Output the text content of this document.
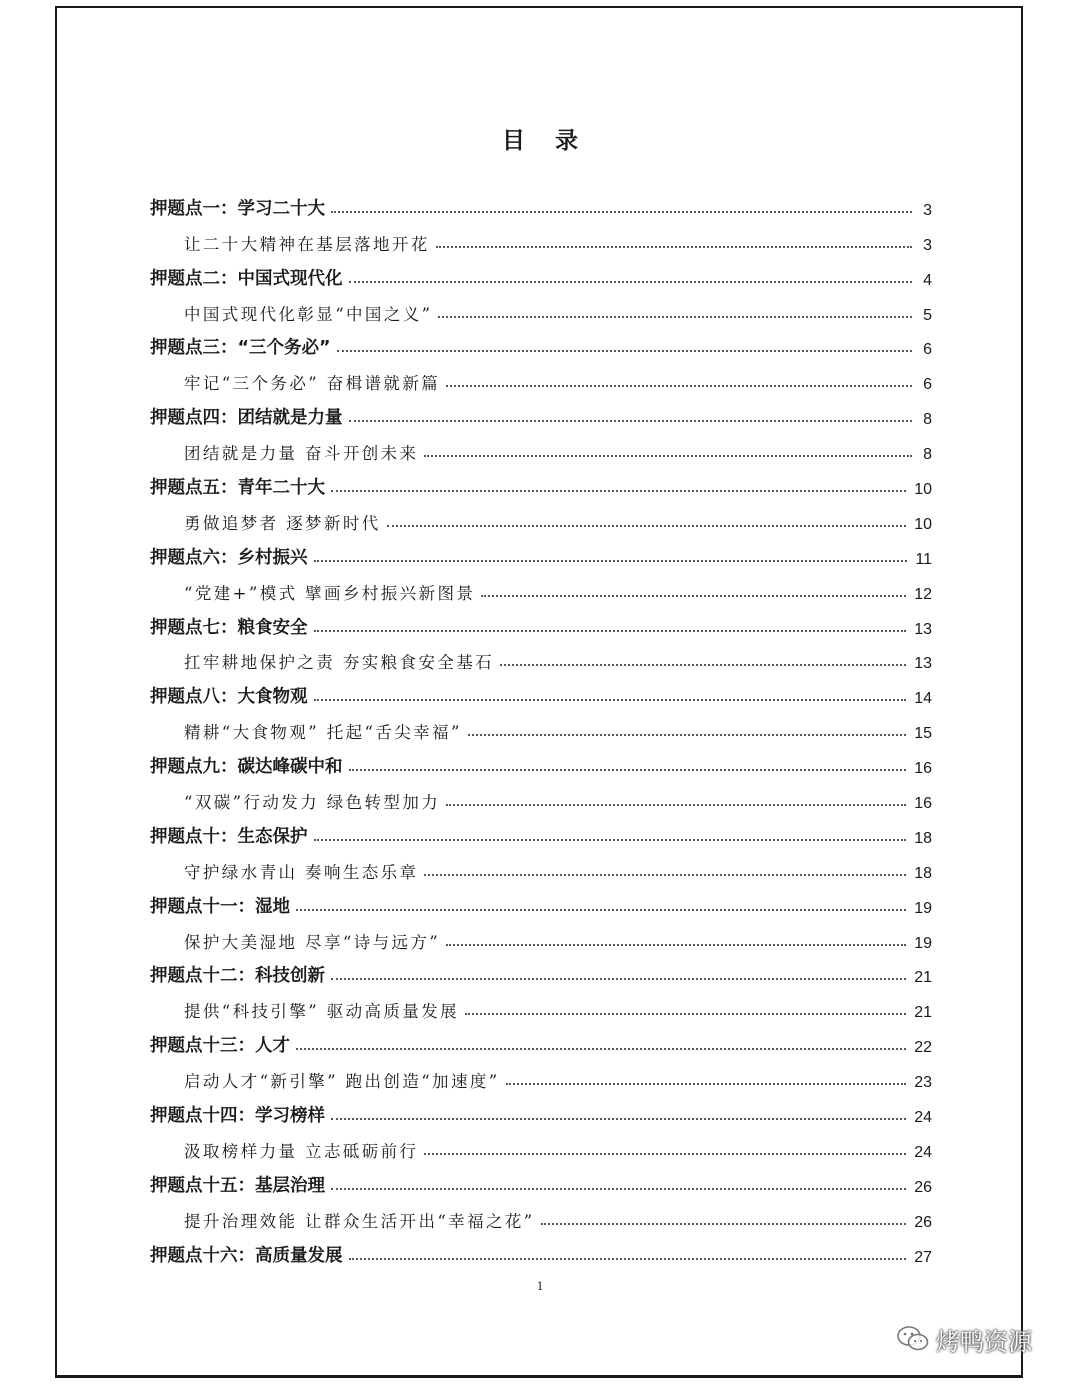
目录
押题点一：学习二十大	3
让二十大精神在基层落地开花	3
押题点二：中国式现代化	4
中国式现代化彰显“中国之义”	5
押题点三：“三个务必”	6
牢记“三个务必” 奋楫谱就新篇	6
押题点四：团结就是力量	8
团结就是力量 奋斗开创未来	8
押题点五：青年二十大	10
勇做追梦者 逐梦新时代	10
押题点六：乡村振兴	11
“党建+”模式 擘画乡村振兴新图景	12
押题点七：粮食安全	13
扛牢耕地保护之责 夯实粮食安全基石	13
押题点八：大食物观	14
精耕“大食物观” 托起“舌尖幸福”	15
押题点九：碳达峰碳中和	16
“双碳”行动发力 绿色转型加力	16
押题点十：生态保护	18
守护绿水青山 奏响生态乐章	18
押题点十一：湿地	19
保护大美湿地 尽享“诗与远方”	19
押题点十二：科技创新	21
提供“科技引擎” 驱动高质量发展	21
押题点十三：人才	22
启动人才“新引擎” 跑出创造“加速度”	23
押题点十四：学习榜样	24
汲取榜样力量 立志砥砺前行	24
押题点十五：基层治理	26
提升治理效能 让群众生活开出“幸福之花”	26
押题点十六：高质量发展	27
1
烤鸭资源
